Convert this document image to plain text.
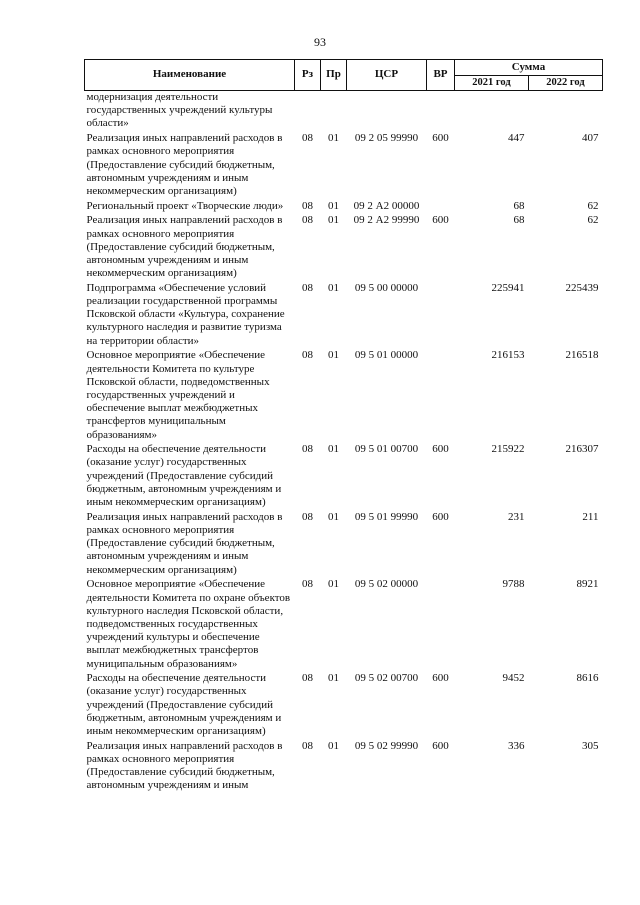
93
Наименование	Рз	Пр	ЦСР	ВР	Сумма	
					2021 год	2022 год
модернизация деятельности государственных учреждений культуры области»						
Реализация иных направлений расходов в рамках основного мероприятия (Предоставление субсидий бюджетным, автономным учреждениям и иным некоммерческим организациям)	08	01	09 2 05 99990	600	447	407
Региональный проект «Творческие люди»	08	01	09 2 А2 00000		68	62
Реализация иных направлений расходов в рамках основного мероприятия (Предоставление субсидий бюджетным, автономным учреждениям и иным некоммерческим организациям)	08	01	09 2 А2 99990	600	68	62
Подпрограмма «Обеспечение условий реализации государственной программы Псковской области «Культура, сохранение культурного наследия и развитие туризма на территории области»	08	01	09 5 00 00000		225941	225439
Основное мероприятие «Обеспечение деятельности Комитета по культуре Псковской области, подведомственных государственных учреждений и обеспечение выплат межбюджетных трансфертов муниципальным образованиям»	08	01	09 5 01 00000		216153	216518
Расходы на обеспечение деятельности (оказание услуг) государственных учреждений (Предоставление субсидий бюджетным, автономным учреждениям и иным некоммерческим организациям)	08	01	09 5 01 00700	600	215922	216307
Реализация иных направлений расходов в рамках основного мероприятия (Предоставление субсидий бюджетным, автономным учреждениям и иным некоммерческим организациям)	08	01	09 5 01 99990	600	231	211
Основное мероприятие «Обеспечение деятельности Комитета по охране объектов культурного наследия Псковской области, подведомственных государственных учреждений культуры и обеспечение выплат межбюджетных трансфертов муниципальным образованиям»	08	01	09 5 02 00000		9788	8921
Расходы на обеспечение деятельности (оказание услуг) государственных учреждений (Предоставление субсидий бюджетным, автономным учреждениям и иным некоммерческим организациям)	08	01	09 5 02 00700	600	9452	8616
Реализация иных направлений расходов в рамках основного мероприятия (Предоставление субсидий бюджетным, автономным учреждениям и иным	08	01	09 5 02 99990	600	336	305
